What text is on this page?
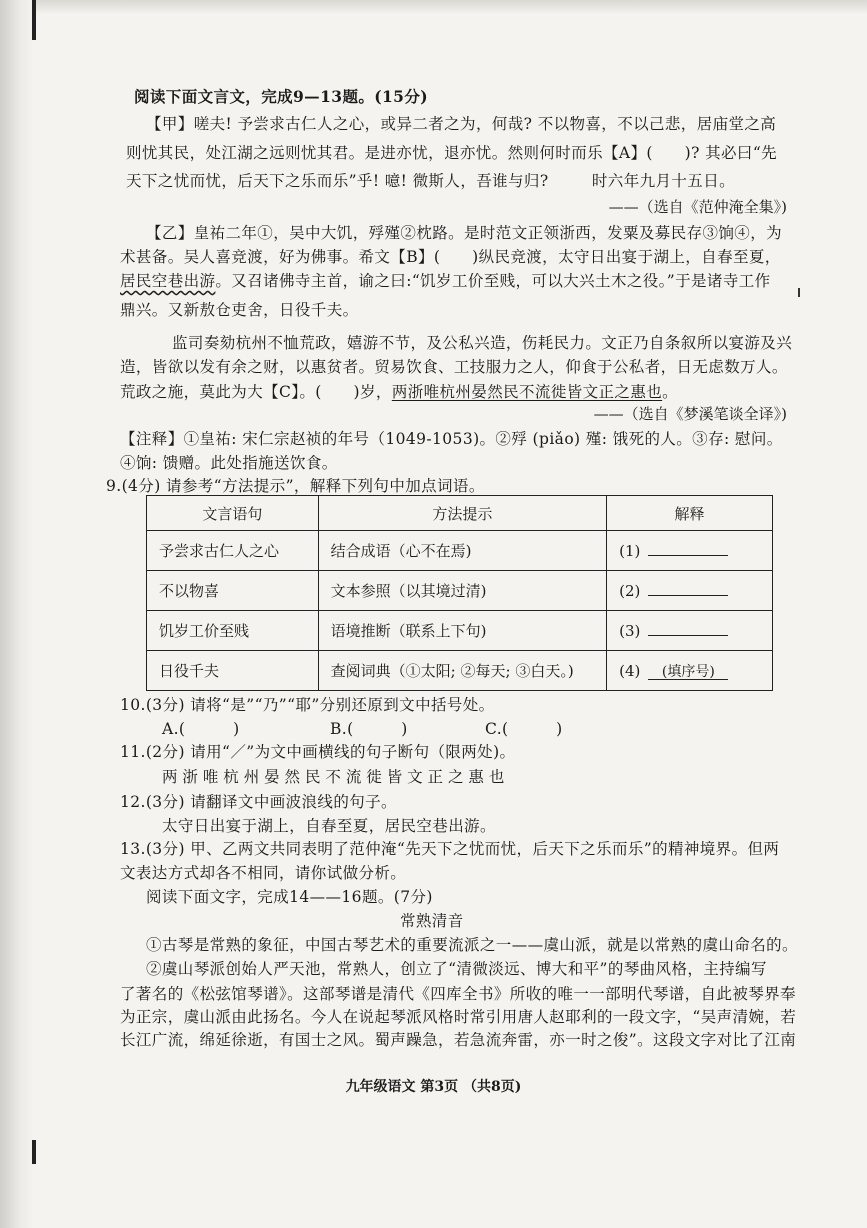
阅读下面文言文，完成9—13题。(15分)
【甲】嗟夫! 予尝求古仁人之心，或异二者之为，何哉? 不以物喜，不以己悲，居庙堂之高
则忧其民，处江湖之远则忧其君。是进亦忧，退亦忧。然则何时而乐【A】(　　)? 其必曰“先
天下之忧而忧，后天下之乐而乐”乎! 噫! 微斯人，吾谁与归?	时六年九月十五日。
——（选自《范仲淹全集》)
【乙】皇祐二年①，吴中大饥，殍殣②枕路。是时范文正领浙西，发粟及募民存③饷④，为
术甚备。吴人喜竞渡，好为佛事。希文【B】(　　)纵民竞渡，太守日出宴于湖上，自春至夏，
居民空巷出游。又召诸佛寺主首，谕之曰:“饥岁工价至贱，可以大兴土木之役。”于是诸寺工作
鼎兴。又新敖仓吏舍，日役千夫。
监司奏劾杭州不恤荒政，嬉游不节，及公私兴造，伤耗民力。文正乃自条叙所以宴游及兴
造，皆欲以发有余之财，以惠贫者。贸易饮食、工技服力之人，仰食于公私者，日无虑数万人。
荒政之施，莫此为大【C】。(　　)岁，两浙唯杭州晏然民不流徙皆文正之惠也。
——（选自《梦溪笔谈全译》)
【注释】①皇祐: 宋仁宗赵祯的年号（1049-1053)。②殍 (piǎo) 殣: 饿死的人。③存: 慰问。
④饷: 馈赠。此处指施送饮食。
9.(4分) 请参考“方法提示”，解释下列句中加点词语。
文言语句	方法提示	解释
予尝求古仁人之心	结合成语（心不在焉)	(1)
不以物喜	文本参照（以其境过清)	(2)
饥岁工价至贱	语境推断（联系上下句)	(3)
日役千夫	查阅词典（①太阳; ②每天; ③白天。)	(4) (填序号)
10.(3分) 请将“是”“乃”“耶”分别还原到文中括号处。
A.(　　　)	B.(　　　)	C.(　　　)
11.(2分) 请用“／”为文中画横线的句子断句（限两处)。
两 浙 唯 杭 州 晏 然 民 不 流 徙 皆 文 正 之 惠 也
12.(3分) 请翻译文中画波浪线的句子。
太守日出宴于湖上，自春至夏，居民空巷出游。
13.(3分) 甲、乙两文共同表明了范仲淹“先天下之忧而忧，后天下之乐而乐”的精神境界。但两
文表达方式却各不相同，请你试做分析。
阅读下面文字，完成14——16题。(7分)
常熟清音
①古琴是常熟的象征，中国古琴艺术的重要流派之一——虞山派，就是以常熟的虞山命名的。
②虞山琴派创始人严天池，常熟人，创立了“清微淡远、博大和平”的琴曲风格，主持编写
了著名的《松弦馆琴谱》。这部琴谱是清代《四库全书》所收的唯一一部明代琴谱，自此被琴界奉
为正宗，虞山派由此扬名。今人在说起琴派风格时常引用唐人赵耶利的一段文字，“吴声清婉，若
长江广流，绵延徐逝，有国士之风。蜀声躁急，若急流奔雷，亦一时之俊”。这段文字对比了江南
九年级语文 第3页 （共8页)
